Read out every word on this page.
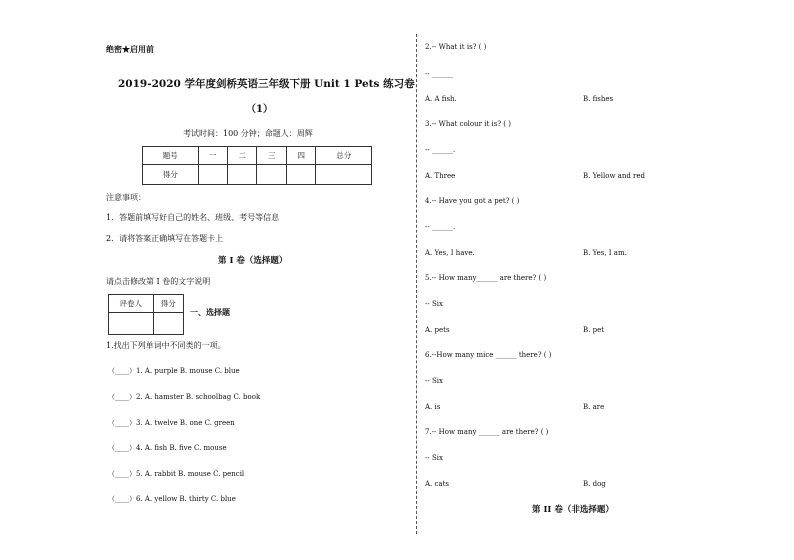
绝密★启用前
2019-2020 学年度剑桥英语三年级下册 Unit 1 Pets 练习卷
（1）
考试时间：100 分钟；命题人：周辉
题号	一	二	三	四	总分
得分					
注意事项：
1．答题前填写好自己的姓名、班级、考号等信息
2．请将答案正确填写在答题卡上
第 I 卷（选择题）
请点击修改第 I 卷的文字说明
评卷人	得分

一、选择题
1.找出下列单词中不同类的一项。
（____）1. A. purple B. mouse C. blue
（____）2. A. hamster B. schoolbag C. book
（____）3. A. twelve B. one C. green
（____）4. A. fish B. five C. mouse
（____）5. A. rabbit B. mouse C. pencil
（____）6. A. yellow B. thirty C. blue
2.-- What it is? ( )
-- ______
A. A fish.	B. fishes
3.-- What colour it is? ( )
-- ______.
A. Three	B. Yellow and red
4.-- Have you got a pet? ( )
-- ______.
A. Yes, I have.	B. Yes, I am.
5.-- How many______ are there? ( )
-- Six
A. pets	B. pet
6.--How many mice ______ there? ( )
-- Six
A. is	B. are
7.-- How many ______ are there? ( )
-- Six
A. cats	B. dog
第 II 卷（非选择题）
